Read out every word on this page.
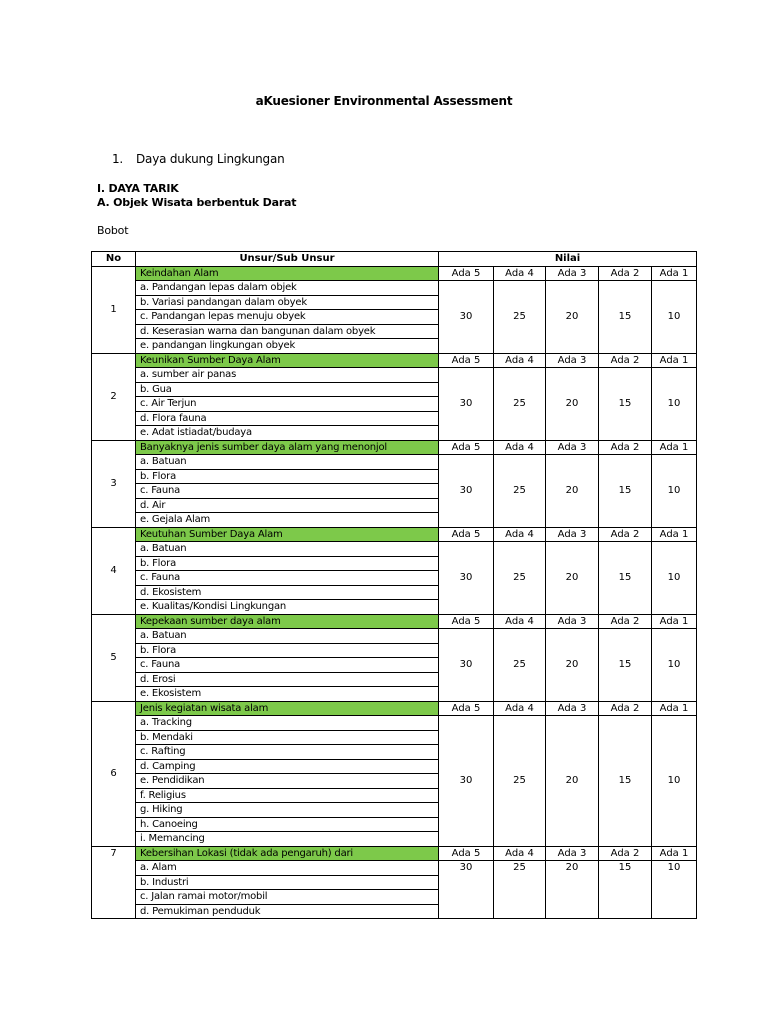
aKuesioner Environmental Assessment
1. Daya dukung Lingkungan
I. DAYA TARIK
A. Objek Wisata berbentuk Darat
Bobot
No	Unsur/Sub Unsur	Nilai				
1	Keindahan Alam	Ada 5	Ada 4	Ada 3	Ada 2	Ada 1
	a. Pandangan lepas dalam objek	30	25	20	15	10
	b. Variasi pandangan dalam obyek					
	c. Pandangan lepas menuju obyek					
	d. Keserasian warna dan bangunan dalam obyek					
	e. pandangan lingkungan obyek					
2	Keunikan Sumber Daya Alam	Ada 5	Ada 4	Ada 3	Ada 2	Ada 1
	a. sumber air panas	30	25	20	15	10
	b. Gua					
	c. Air Terjun					
	d. Flora fauna					
	e. Adat istiadat/budaya					
3	Banyaknya jenis sumber daya alam yang menonjol	Ada 5	Ada 4	Ada 3	Ada 2	Ada 1
	a. Batuan	30	25	20	15	10
	b. Flora					
	c. Fauna					
	d. Air					
	e. Gejala Alam					
4	Keutuhan Sumber Daya Alam	Ada 5	Ada 4	Ada 3	Ada 2	Ada 1
	a. Batuan	30	25	20	15	10
	b. Flora					
	c. Fauna					
	d. Ekosistem					
	e. Kualitas/Kondisi Lingkungan					
5	Kepekaan sumber daya alam	Ada 5	Ada 4	Ada 3	Ada 2	Ada 1
	a. Batuan	30	25	20	15	10
	b. Flora					
	c. Fauna					
	d. Erosi					
	e. Ekosistem					
6	Jenis kegiatan wisata alam	Ada 5	Ada 4	Ada 3	Ada 2	Ada 1
	a. Tracking	30	25	20	15	10
	b. Mendaki					
	c. Rafting					
	d. Camping					
	e. Pendidikan					
	f. Religius					
	g. Hiking					
	h. Canoeing					
	i. Memancing					
7	Kebersihan Lokasi (tidak ada pengaruh) dari	Ada 5	Ada 4	Ada 3	Ada 2	Ada 1
	a. Alam	30	25	20	15	10
	b. Industri					
	c. Jalan ramai motor/mobil					
	d. Pemukiman penduduk					
